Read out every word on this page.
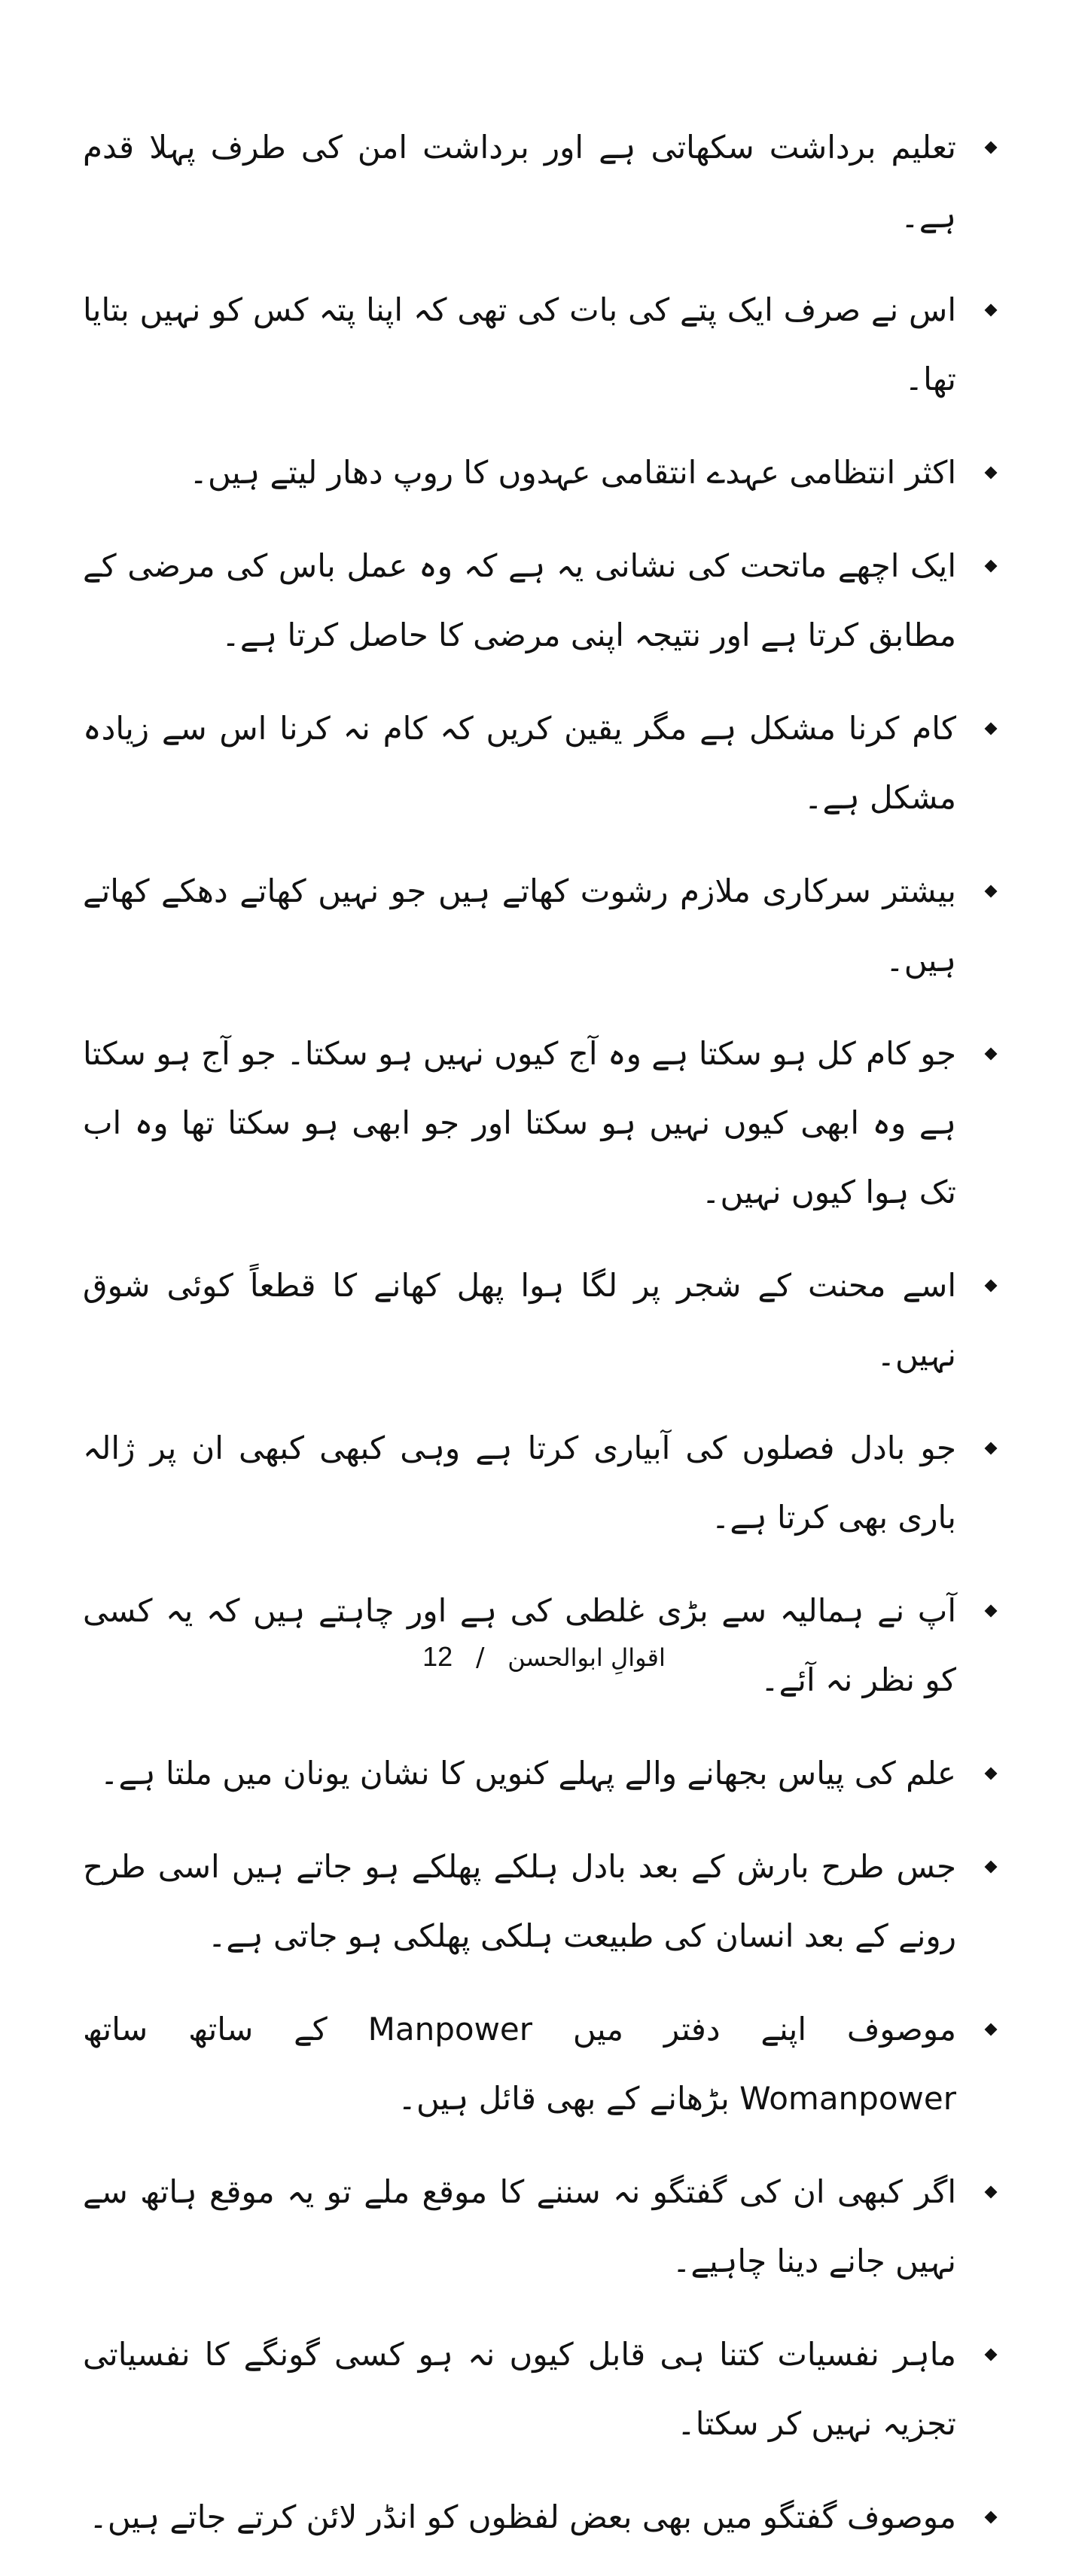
تعلیم برداشت سکھاتی ہے اور برداشت امن کی طرف پہلا قدم ہے۔
اس نے صرف ایک پتے کی بات کی تھی کہ اپنا پتہ کس کو نہیں بتایا تھا۔
اکثر انتظامی عہدے انتقامی عہدوں کا روپ دھار لیتے ہیں۔
ایک اچھے ماتحت کی نشانی یہ ہے کہ وہ عمل باس کی مرضی کے مطابق کرتا ہے اور نتیجہ اپنی مرضی کا حاصل کرتا ہے۔
کام کرنا مشکل ہے مگر یقین کریں کہ کام نہ کرنا اس سے زیادہ مشکل ہے۔
بیشتر سرکاری ملازم رشوت کھاتے ہیں جو نہیں کھاتے دھکے کھاتے ہیں۔
جو کام کل ہو سکتا ہے وہ آج کیوں نہیں ہو سکتا۔ جو آج ہو سکتا ہے وہ ابھی کیوں نہیں ہو سکتا اور جو ابھی ہو سکتا تھا وہ اب تک ہوا کیوں نہیں۔
اسے محنت کے شجر پر لگا ہوا پھل کھانے کا قطعاً کوئی شوق نہیں۔
جو بادل فصلوں کی آبیاری کرتا ہے وہی کبھی کبھی ان پر ژالہ باری بھی کرتا ہے۔
آپ نے ہمالیہ سے بڑی غلطی کی ہے اور چاہتے ہیں کہ یہ کسی کو نظر نہ آئے۔
علم کی پیاس بجھانے والے پہلے کنویں کا نشان یونان میں ملتا ہے۔
جس طرح بارش کے بعد بادل ہلکے پھلکے ہو جاتے ہیں اسی طرح رونے کے بعد انسان کی طبیعت ہلکی پھلکی ہو جاتی ہے۔
موصوف اپنے دفتر میں Manpower کے ساتھ ساتھ Womanpower بڑھانے کے بھی قائل ہیں۔
اگر کبھی ان کی گفتگو نہ سننے کا موقع ملے تو یہ موقع ہاتھ سے نہیں جانے دینا چاہیے۔
ماہر نفسیات کتنا ہی قابل کیوں نہ ہو کسی گونگے کا نفسیاتی تجزیہ نہیں کر سکتا۔
موصوف گفتگو میں بھی بعض لفظوں کو انڈر لائن کرتے جاتے ہیں۔
12 / اقوالِ ابوالحسن
